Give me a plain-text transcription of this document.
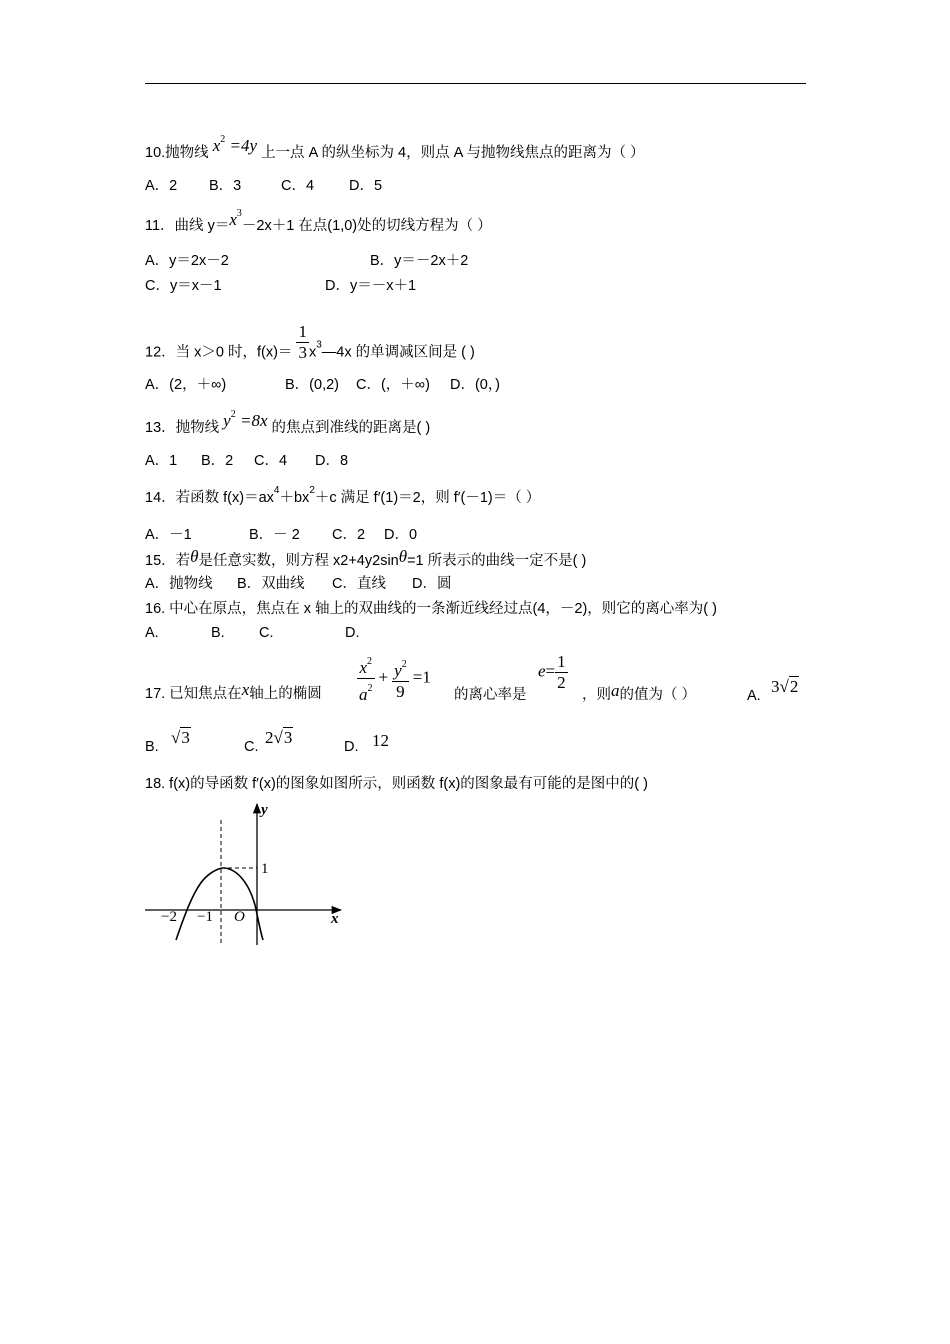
10.抛物线 $x^2 =4y$ 上一点 A 的纵坐标为 4，则点 A 与抛物线焦点的距离为（ ）
A．2 B．3	C．4 D．5
11．曲线 $y=x^3-2x+1$ 在点(1,0)处的切线方程为（ ）
A．y＝2x－2	B．y＝－2x＋2
C．y＝x－1	D．y＝－x＋1
12．当 x＞0 时，$f(x)= \frac{1}{3}$ $x^3—4x$ 的单调减区间是 ( )
A．(2，＋∞)	B．(0,2) C．(，＋∞) D．(0，)
13．抛物线 $y^2 =8x$ 的焦点到准线的距离是( )
A．1 B．2 C．4 D．8
14．若函数 $f(x)=ax^4+bx^2+c$ 满足 f′(1)＝2，则 f′(－1)＝（ ）
A．－1	B．－ 2 C．2 D．0
15．若θ是任意实数，则方程 x2+4y2sinθ=1 所表示的曲线一定不是( )
A．抛物线 B．双曲线 C．直线 D．圆
16. 中心在原点，焦点在 x 轴上的双曲线的一条渐近线经过点(4，－2)，则它的离心率为( )
A.	B. C.	D.
17. 已知焦点在x轴上的椭圆 $\frac{x^2}{a^2} + \frac{y^2}{9} =1$
的离心率是
$e= \frac{1}{2}$
，则a的值为（ ）	A. 3√2
B. √3	C. 2√3	D. 12
18. f(x)的导函数 f′(x)的图象如图所示，则函数 f(x)的图象最有可能的是图中的( )
y
x
1
−2 −1 O
